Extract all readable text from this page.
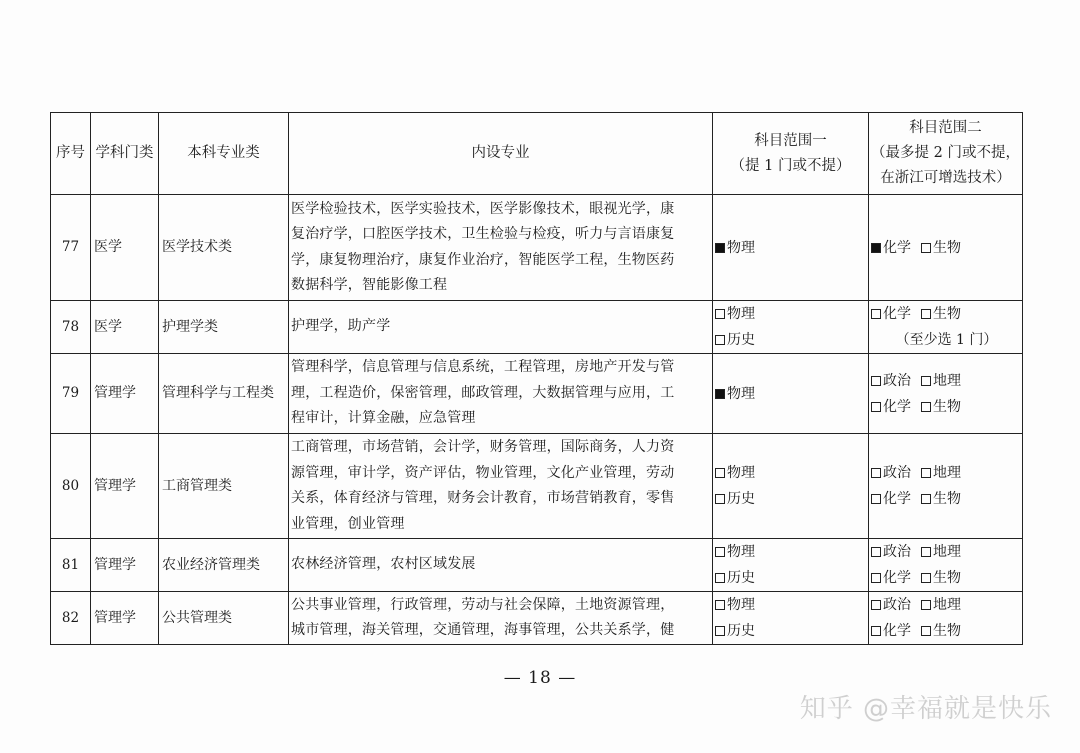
序号	学科门类	本科专业类	内设专业	科目范围一
（提 1 门或不提）	科目范围二
（最多提 2 门或不提，
在浙江可增选技术）

77	医学	医学技术类	医学检验技术，医学实验技术，医学影像技术，眼视光学，康
复治疗学，口腔医学技术，卫生检验与检疫，听力与言语康复
学，康复物理治疗，康复作业治疗，智能医学工程，生物医药
数据科学，智能影像工程	物理	化学 生物

78	医学	护理学类	护理学，助产学	物理
历史	化学 生物
（至少选 1 门）

79	管理学	管理科学与工程类	管理科学，信息管理与信息系统，工程管理，房地产开发与管
理，工程造价，保密管理，邮政管理，大数据管理与应用，工
程审计，计算金融，应急管理	物理	政治 地理
化学 生物

80	管理学	工商管理类	工商管理，市场营销，会计学，财务管理，国际商务，人力资
源管理，审计学，资产评估，物业管理，文化产业管理，劳动
关系，体育经济与管理，财务会计教育，市场营销教育，零售
业管理，创业管理	物理
历史	政治 地理
化学 生物

81	管理学	农业经济管理类	农林经济管理，农村区域发展	物理
历史	政治 地理
化学 生物

82	管理学	公共管理类	公共事业管理，行政管理，劳动与社会保障，土地资源管理，
城市管理，海关管理，交通管理，海事管理，公共关系学，健	物理
历史	政治 地理
化学 生物
— 18 —
知乎 @幸福就是快乐
